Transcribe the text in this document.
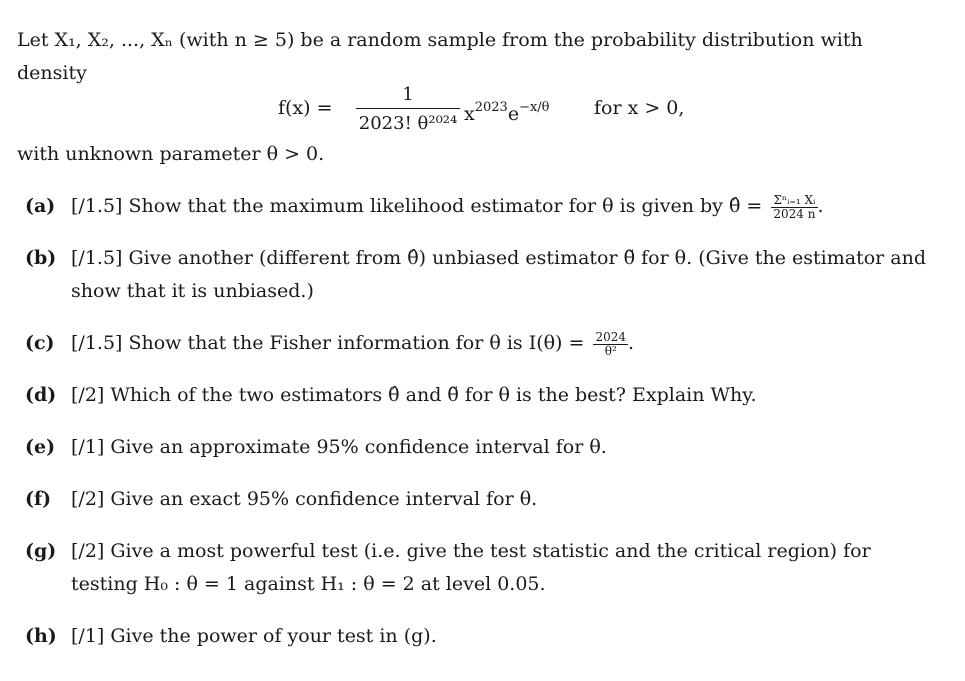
Let X₁, X₂, ..., Xₙ (with n ≥ 5) be a random sample from the probability distribution with
density
f(x) =
1
2023! θ²⁰²⁴ $x^{2023}e^{-x/\theta}$ for x > 0,
with unknown parameter θ > 0.
(a) [/1.5] Show that the maximum likelihood estimator for θ is given by θ̂ = Σⁿᵢ₌₁ Xᵢ
2024 n .
(b) [/1.5] Give another (different from θ̂) unbiased estimator θ̃ for θ. (Give the estimator and
show that it is unbiased.)
(c) [/1.5] Show that the Fisher information for θ is $I(\theta) = \frac{2024}{\text{θ²}}$ .
(d) [/2] Which of the two estimators θ̂ and θ̃ for θ is the best? Explain Why.
(e) [/1] Give an approximate 95% confidence interval for θ.
(f) [/2] Give an exact 95% confidence interval for θ.
(g) [/2] Give a most powerful test (i.e. give the test statistic and the critical region) for
testing H₀ : θ = 1 against H₁ : θ = 2 at level 0.05.
(h) [/1] Give the power of your test in (g).
